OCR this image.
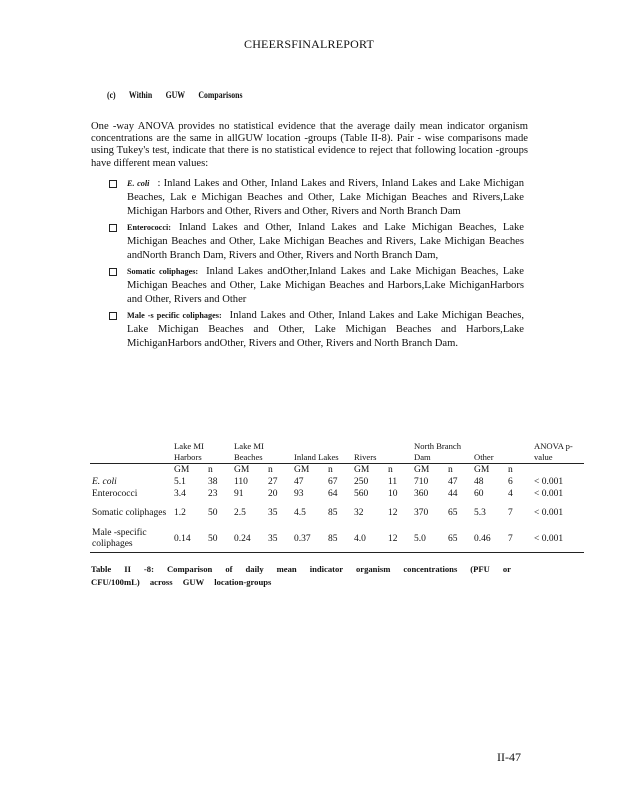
CHEERSFINALREPORT
(c) Within GUW Comparisons
One -way ANOVA provides no statistical evidence that the average daily mean indicator organism concentrations are the same in allGUW location -groups (Table II-8). Pair - wise comparisons made using Tukey's test, indicate that there is no statistical evidence to reject that following location -groups have different mean values:
E. coli : Inland Lakes and Other, Inland Lakes and Rivers, Inland Lakes and Lake Michigan Beaches, Lak e Michigan Beaches and Other, Lake Michigan Beaches and Rivers,Lake Michigan Harbors and Other, Rivers and Other, Rivers and North Branch Dam
Enterococci: Inland Lakes and Other, Inland Lakes and Lake Michigan Beaches, Lake Michigan Beaches and Other, Lake Michigan Beaches and Rivers, Lake Michigan Beaches andNorth Branch Dam, Rivers and Other, Rivers and North Branch Dam,
Somatic coliphages: Inland Lakes andOther,Inland Lakes and Lake Michigan Beaches, Lake Michigan Beaches and Other, Lake Michigan Beaches and Harbors,Lake MichiganHarbors and Other, Rivers and Other
Male -s pecific coliphages: Inland Lakes and Other, Inland Lakes and Lake Michigan Beaches, Lake Michigan Beaches and Other, Lake Michigan Beaches and Harbors,Lake MichiganHarbors andOther, Rivers and Other, Rivers and North Branch Dam.
	Lake MI Harbors		Lake MI Beaches		Inland Lakes		Rivers		North Branch Dam		Other		ANOVA p- value
	GM	n	GM	n	GM	n	GM	n	GM	n	GM	n	
E. coli	5.1	38	110	27	47	67	250	11	710	47	48	6	< 0.001
Enterococci	3.4	23	91	20	93	64	560	10	360	44	60	4	< 0.001
Somatic coliphages	1.2	50	2.5	35	4.5	85	32	12	370	65	5.3	7	< 0.001
Male -specific coliphages	0.14	50	0.24	35	0.37	85	4.0	12	5.0	65	0.46	7	< 0.001
Table II -8: Comparison of daily mean indicator organism concentrations (PFU or CFU/100mL) across GUW location-groups
II-47
